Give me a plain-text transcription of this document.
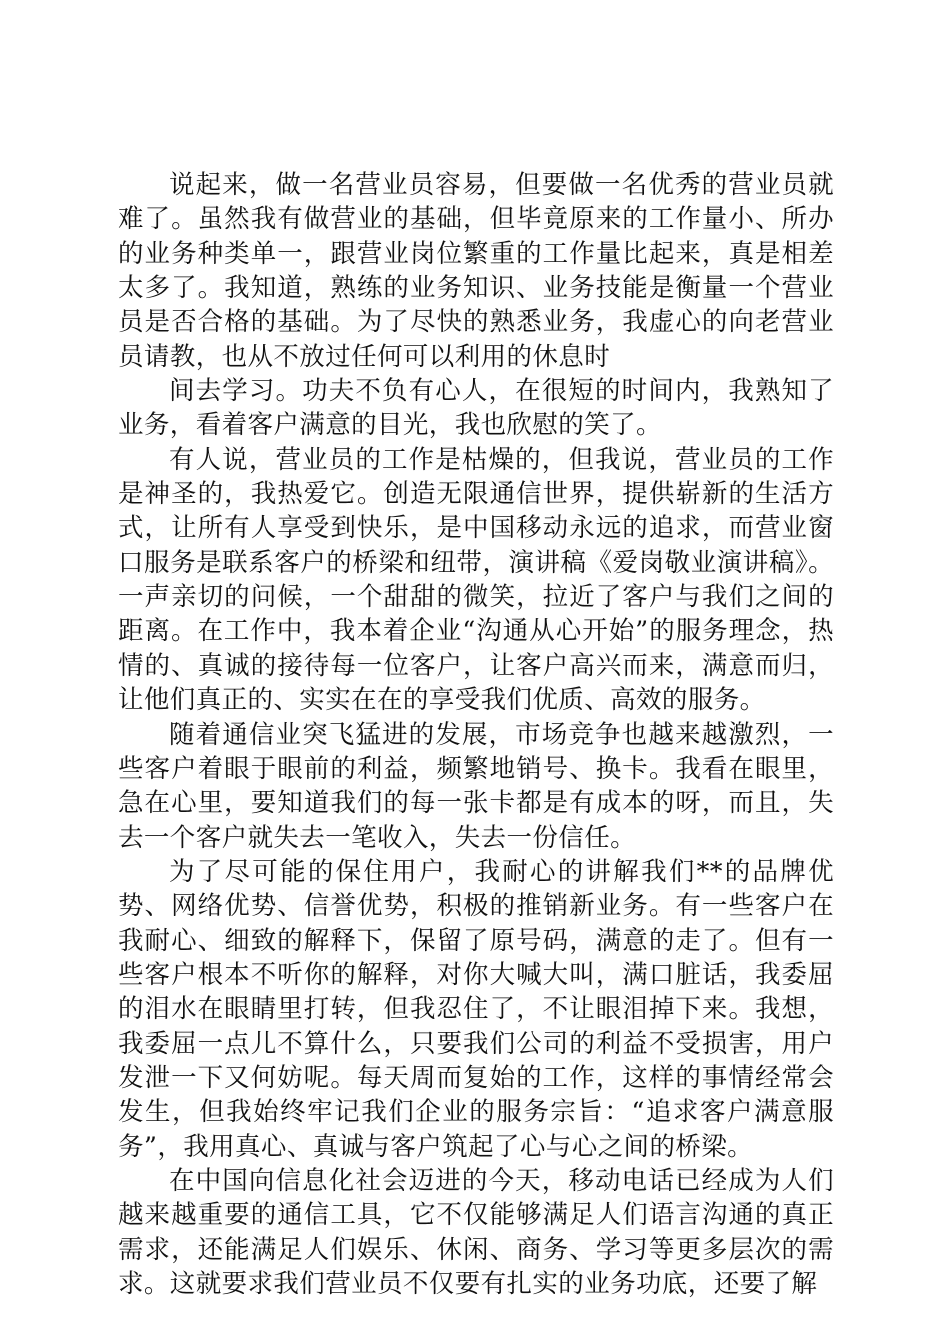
说起来，做一名营业员容易，但要做一名优秀的营业员就难了。虽然我有做营业的基础，但毕竟原来的工作量小、所办的业务种类单一，跟营业岗位繁重的工作量比起来，真是相差太多了。我知道，熟练的业务知识、业务技能是衡量一个营业员是否合格的基础。为了尽快的熟悉业务，我虚心的向老营业员请教，也从不放过任何可以利用的休息时

间去学习。功夫不负有心人，在很短的时间内，我熟知了业务，看着客户满意的目光，我也欣慰的笑了。

有人说，营业员的工作是枯燥的，但我说，营业员的工作是神圣的，我热爱它。创造无限通信世界，提供崭新的生活方式，让所有人享受到快乐，是中国移动永远的追求，而营业窗口服务是联系客户的桥梁和纽带，演讲稿《爱岗敬业演讲稿》。一声亲切的问候，一个甜甜的微笑，拉近了客户与我们之间的距离。在工作中，我本着企业“沟通从心开始”的服务理念，热情的、真诚的接待每一位客户，让客户高兴而来，满意而归，让他们真正的、实实在在的享受我们优质、高效的服务。

随着通信业突飞猛进的发展，市场竞争也越来越激烈，一些客户着眼于眼前的利益，频繁地销号、换卡。我看在眼里，急在心里，要知道我们的每一张卡都是有成本的呀，而且，失去一个客户就失去一笔收入，失去一份信任。

为了尽可能的保住用户，我耐心的讲解我们**的品牌优势、网络优势、信誉优势，积极的推销新业务。有一些客户在我耐心、细致的解释下，保留了原号码，满意的走了。但有一些客户根本不听你的解释，对你大喊大叫，满口脏话，我委屈的泪水在眼睛里打转，但我忍住了，不让眼泪掉下来。我想，我委屈一点儿不算什么，只要我们公司的利益不受损害，用户发泄一下又何妨呢。每天周而复始的工作，这样的事情经常会发生，但我始终牢记我们企业的服务宗旨：“追求客户满意服务”，我用真心、真诚与客户筑起了心与心之间的桥梁。

在中国向信息化社会迈进的今天，移动电话已经成为人们越来越重要的通信工具，它不仅能够满足人们语言沟通的真正需求，还能满足人们娱乐、休闲、商务、学习等更多层次的需求。这就要求我们营业员不仅要有扎实的业务功底，还要了解
